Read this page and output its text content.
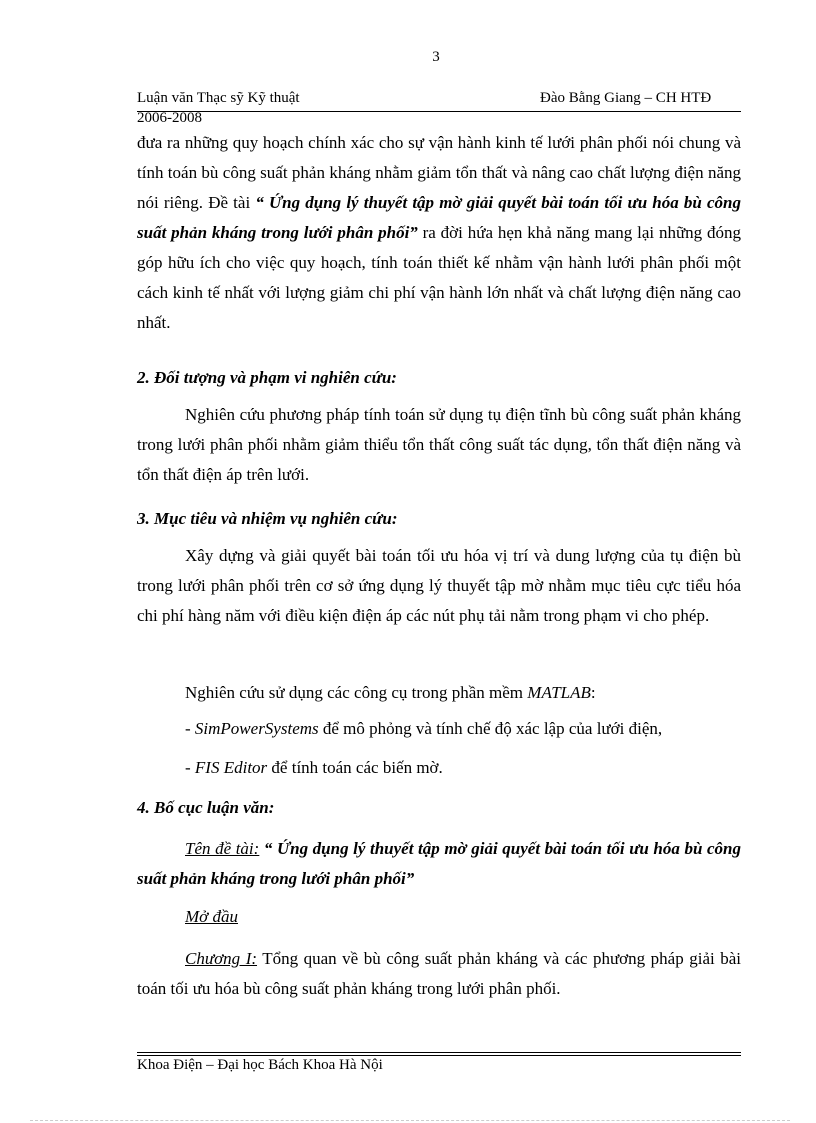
3
Luận văn Thạc sỹ Kỹ thuật	Đào Bằng Giang – CH HTĐ
2006-2008
đưa ra những quy hoạch chính xác cho sự vận hành kinh tế lưới phân phối nói chung và tính toán bù công suất phản kháng nhằm giảm tổn thất và nâng cao chất lượng điện năng nói riêng. Đề tài “ Ứng dụng lý thuyết tập mờ giải quyết bài toán tối ưu hóa bù công suất phản kháng trong lưới phân phối” ra đời hứa hẹn khả năng mang lại những đóng góp hữu ích cho việc quy hoạch, tính toán thiết kế nhằm vận hành lưới phân phối một cách kinh tế nhất với lượng giảm chi phí vận hành lớn nhất và chất lượng điện năng cao nhất.
2. Đối tượng và phạm vi nghiên cứu:
Nghiên cứu phương pháp tính toán sử dụng tụ điện tĩnh bù công suất phản kháng trong lưới phân phối nhằm giảm thiểu tổn thất công suất tác dụng, tổn thất điện năng và tổn thất điện áp trên lưới.
3. Mục tiêu và nhiệm vụ nghiên cứu:
Xây dựng và giải quyết bài toán tối ưu hóa vị trí và dung lượng của tụ điện bù trong lưới phân phối trên cơ sở ứng dụng lý thuyết tập mờ nhằm mục tiêu cực tiểu hóa chi phí hàng năm với điều kiện điện áp các nút phụ tải nằm trong phạm vi cho phép.
Nghiên cứu sử dụng các công cụ trong phần mềm MATLAB:
- SimPowerSystems để mô phỏng và tính chế độ xác lập của lưới điện,
- FIS Editor để tính toán các biến mờ.
4. Bố cục luận văn:
Tên đề tài: “ Ứng dụng lý thuyết tập mờ giải quyết bài toán tối ưu hóa bù công suất phản kháng trong lưới phân phối”
Mở đầu
Chương I: Tổng quan về bù công suất phản kháng và các phương pháp giải bài toán tối ưu hóa bù công suất phản kháng trong lưới phân phối.
Khoa Điện – Đại học Bách Khoa Hà Nội
